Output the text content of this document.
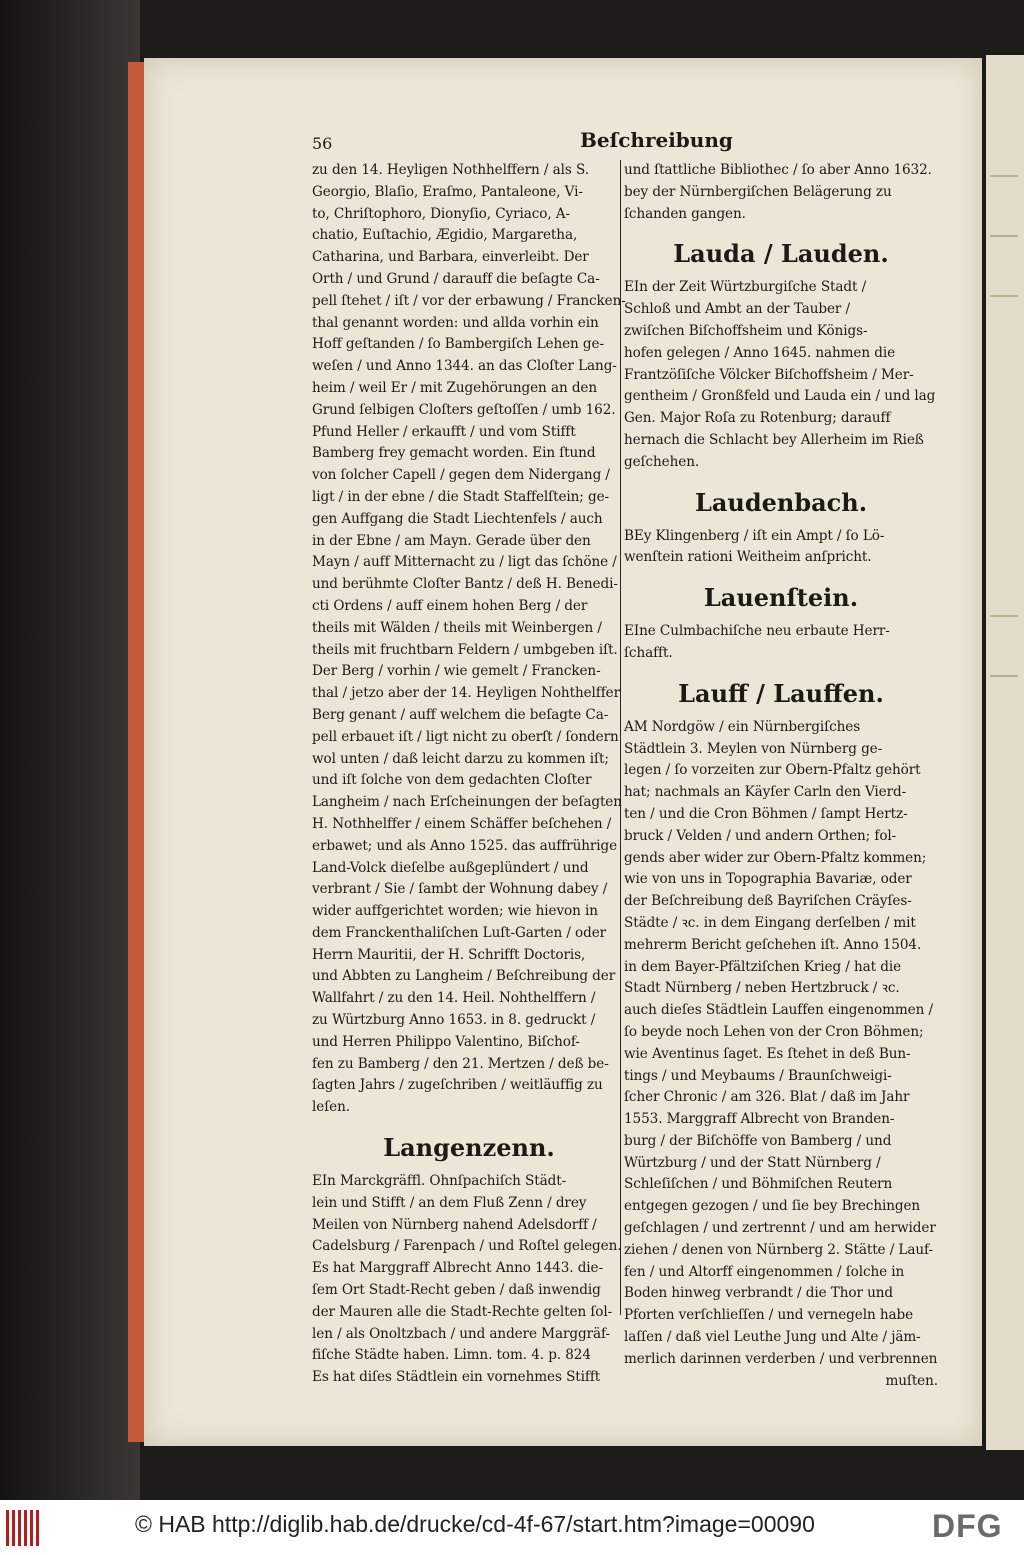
56	Beſchreibung
zu den 14. Heyligen Nothhelffern / als S.
Georgio, Blaſio, Eraſmo, Pantaleone, Vi-
to, Chriſtophoro, Dionyſio, Cyriaco, A-
chatio, Euſtachio, Ægidio, Margaretha,
Catharina, und Barbara, einverleibt. Der
Orth / und Grund / darauff die beſagte Ca-
pell ſtehet / iſt / vor der erbawung / Francken-
thal genannt worden: und allda vorhin ein
Hoff geſtanden / ſo Bambergiſch Lehen ge-
weſen / und Anno 1344. an das Cloſter Lang-
heim / weil Er / mit Zugehörungen an den
Grund ſelbigen Cloſters geſtoſſen / umb 162.
Pfund Heller / erkaufft / und vom Stifft
Bamberg frey gemacht worden. Ein ſtund
von ſolcher Capell / gegen dem Nidergang /
ligt / in der ebne / die Stadt Staffelſtein; ge-
gen Auffgang die Stadt Liechtenfels / auch
in der Ebne / am Mayn. Gerade über den
Mayn / auff Mitternacht zu / ligt das ſchöne /
und berühmte Cloſter Bantz / deß H. Benedi-
cti Ordens / auff einem hohen Berg / der
theils mit Wälden / theils mit Weinbergen /
theils mit fruchtbarn Feldern / umbgeben iſt.
Der Berg / vorhin / wie gemelt / Francken-
thal / jetzo aber der 14. Heyligen Nohthelffer
Berg genant / auff welchem die beſagte Ca-
pell erbauet iſt / ligt nicht zu oberſt / ſondern
wol unten / daß leicht darzu zu kommen iſt;
und iſt ſolche von dem gedachten Cloſter
Langheim / nach Erſcheinungen der beſagten
H. Nothhelffer / einem Schäffer beſchehen /
erbawet; und als Anno 1525. das auffrührige
Land-Volck dieſelbe außgeplündert / und
verbrant / Sie / ſambt der Wohnung dabey /
wider auffgerichtet worden; wie hievon in
dem Franckenthaliſchen Luſt-Garten / oder
Herrn Mauritii, der H. Schrifft Doctoris,
und Abbten zu Langheim / Beſchreibung der
Wallfahrt / zu den 14. Heil. Nohthelffern /
zu Würtzburg Anno 1653. in 8. gedruckt /
und Herren Philippo Valentino, Biſchof-
fen zu Bamberg / den 21. Mertzen / deß be-
ſagten Jahrs / zugeſchriben / weitläuffig zu
leſen.
Langenzenn.
EIn Marckgräffl. Ohnſpachiſch Städt-
lein und Stifft / an dem Fluß Zenn / drey
Meilen von Nürnberg nahend Adelsdorff /
Cadelsburg / Farenpach / und Roſtel gelegen.
Es hat Marggraff Albrecht Anno 1443. die-
ſem Ort Stadt-Recht geben / daß inwendig
der Mauren alle die Stadt-Rechte gelten ſol-
len / als Onoltzbach / und andere Marggräf-
fiſche Städte haben. Limn. tom. 4. p. 824
Es hat diſes Städtlein ein vornehmes Stifft
und ſtattliche Bibliothec / ſo aber Anno 1632.
bey der Nürnbergiſchen Belägerung zu
ſchanden gangen.
Lauda / Lauden.
EIn der Zeit Würtzburgiſche Stadt /
Schloß und Ambt an der Tauber /
zwiſchen Biſchoffsheim und Königs-
hofen gelegen / Anno 1645. nahmen die
Frantzöſiſche Völcker Biſchoffsheim / Mer-
gentheim / Gronßfeld und Lauda ein / und lag
Gen. Major Roſa zu Rotenburg; darauff
hernach die Schlacht bey Allerheim im Rieß
geſchehen.
Laudenbach.
BEy Klingenberg / iſt ein Ampt / ſo Lö-
wenſtein rationi Weitheim anſpricht.
Lauenſtein.
EIne Culmbachiſche neu erbaute Herr-
ſchafft.
Lauff / Lauffen.
AM Nordgöw / ein Nürnbergiſches
Städtlein 3. Meylen von Nürnberg ge-
legen / ſo vorzeiten zur Obern-Pfaltz gehört
hat; nachmals an Käyſer Carln den Vierd-
ten / und die Cron Böhmen / ſampt Hertz-
bruck / Velden / und andern Orthen; fol-
gends aber wider zur Obern-Pfaltz kommen;
wie von uns in Topographia Bavariæ, oder
der Beſchreibung deß Bayriſchen Cräyſes-
Städte / ꝛc. in dem Eingang derſelben / mit
mehrerm Bericht geſchehen iſt. Anno 1504.
in dem Bayer-Pfältziſchen Krieg / hat die
Stadt Nürnberg / neben Hertzbruck / ꝛc.
auch dieſes Städtlein Lauffen eingenommen /
ſo beyde noch Lehen von der Cron Böhmen;
wie Aventinus ſaget. Es ſtehet in deß Bun-
tings / und Meybaums / Braunſchweigi-
ſcher Chronic / am 326. Blat / daß im Jahr
1553. Marggraff Albrecht von Branden-
burg / der Biſchöffe von Bamberg / und
Würtzburg / und der Statt Nürnberg /
Schleſiſchen / und Böhmiſchen Reutern
entgegen gezogen / und ſie bey Brechingen
geſchlagen / und zertrennt / und am herwider
ziehen / denen von Nürnberg 2. Stätte / Lauf-
fen / und Altorff eingenommen / ſolche in
Boden hinweg verbrandt / die Thor und
Pforten verſchlieſſen / und vernegeln habe
laſſen / daß viel Leuthe Jung und Alte / jäm-
merlich darinnen verderben / und verbrennen
muſten.
© HAB http://diglib.hab.de/drucke/cd-4f-67/start.htm?image=00090	DFG
